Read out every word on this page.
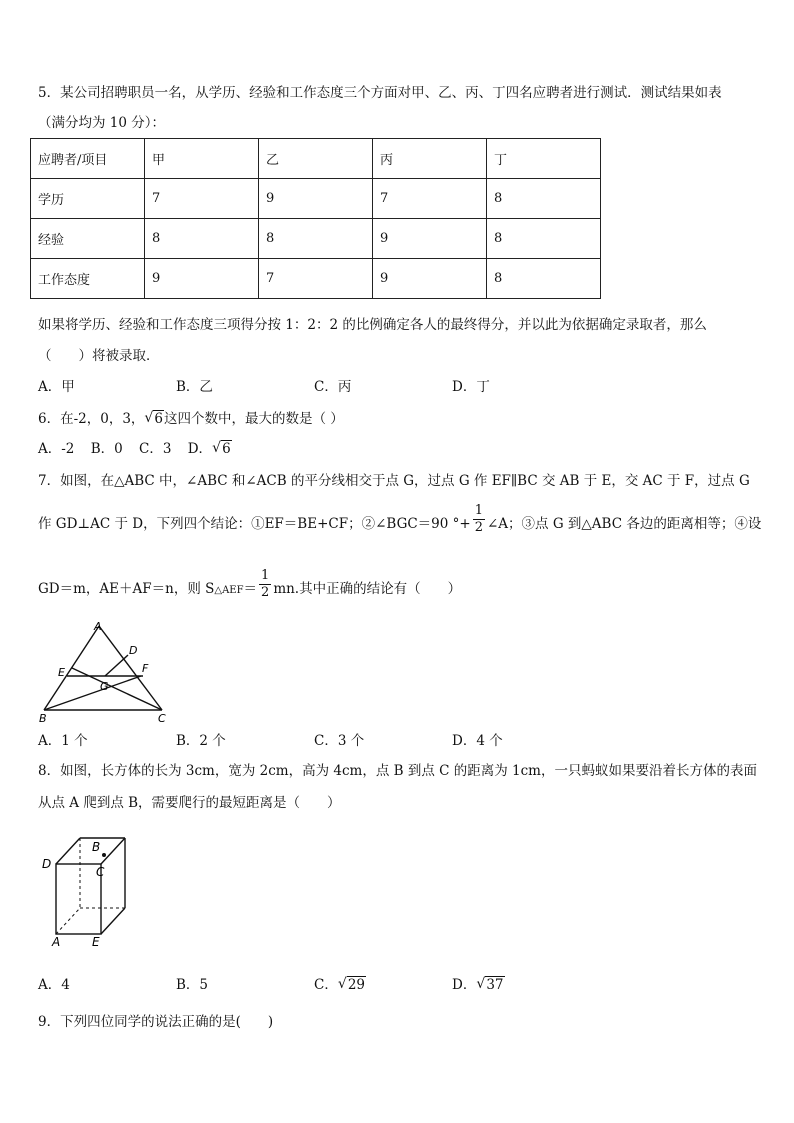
5．某公司招聘职员一名，从学历、经验和工作态度三个方面对甲、乙、丙、丁四名应聘者进行测试．测试结果如表
（满分均为 10 分）：
应聘者/项目	甲	乙	丙	丁
学历	7	9	7	8
经验	8	8	9	8
工作态度	9	7	9	8
如果将学历、经验和工作态度三项得分按 1：2：2 的比例确定各人的最终得分，并以此为依据确定录取者，那么
（　　）将被录取．
A．甲	B．乙	C．丙	D．丁
6．在-2，0，3， √ 6这四个数中，最大的数是（ ）
A．-2 B．0 C．3 D． √ 6
7．如图，在△ABC 中，∠ABC 和∠ACB 的平分线相交于点 G，过点 G 作 EF∥BC 交 AB 于 E，交 AC 于 F，过点 G
作 GD⊥AC 于 D，下列四个结论：①EF＝BE+CF；②∠BGC＝90 °+ $\frac{1}{2}$ ∠A；③点 G 到△ABC 各边的距离相等；④设
GD＝m，AE＋AF＝n，则 S△AEF＝ $\frac{1}{2}$ mn.其中正确的结论有（　　）
A
D
F
E
G
B	C
A．1 个	B．2 个	C．3 个	D．4 个
8．如图，长方体的长为 3cm，宽为 2cm，高为 4cm，点 B 到点 C 的距离为 1cm，一只蚂蚁如果要沿着长方体的表面
从点 A 爬到点 B，需要爬行的最短距离是（　　）
B
D
C
A	E
A．4	B．5	C． √ 29	D． √ 37
9．下列四位同学的说法正确的是(　　)
